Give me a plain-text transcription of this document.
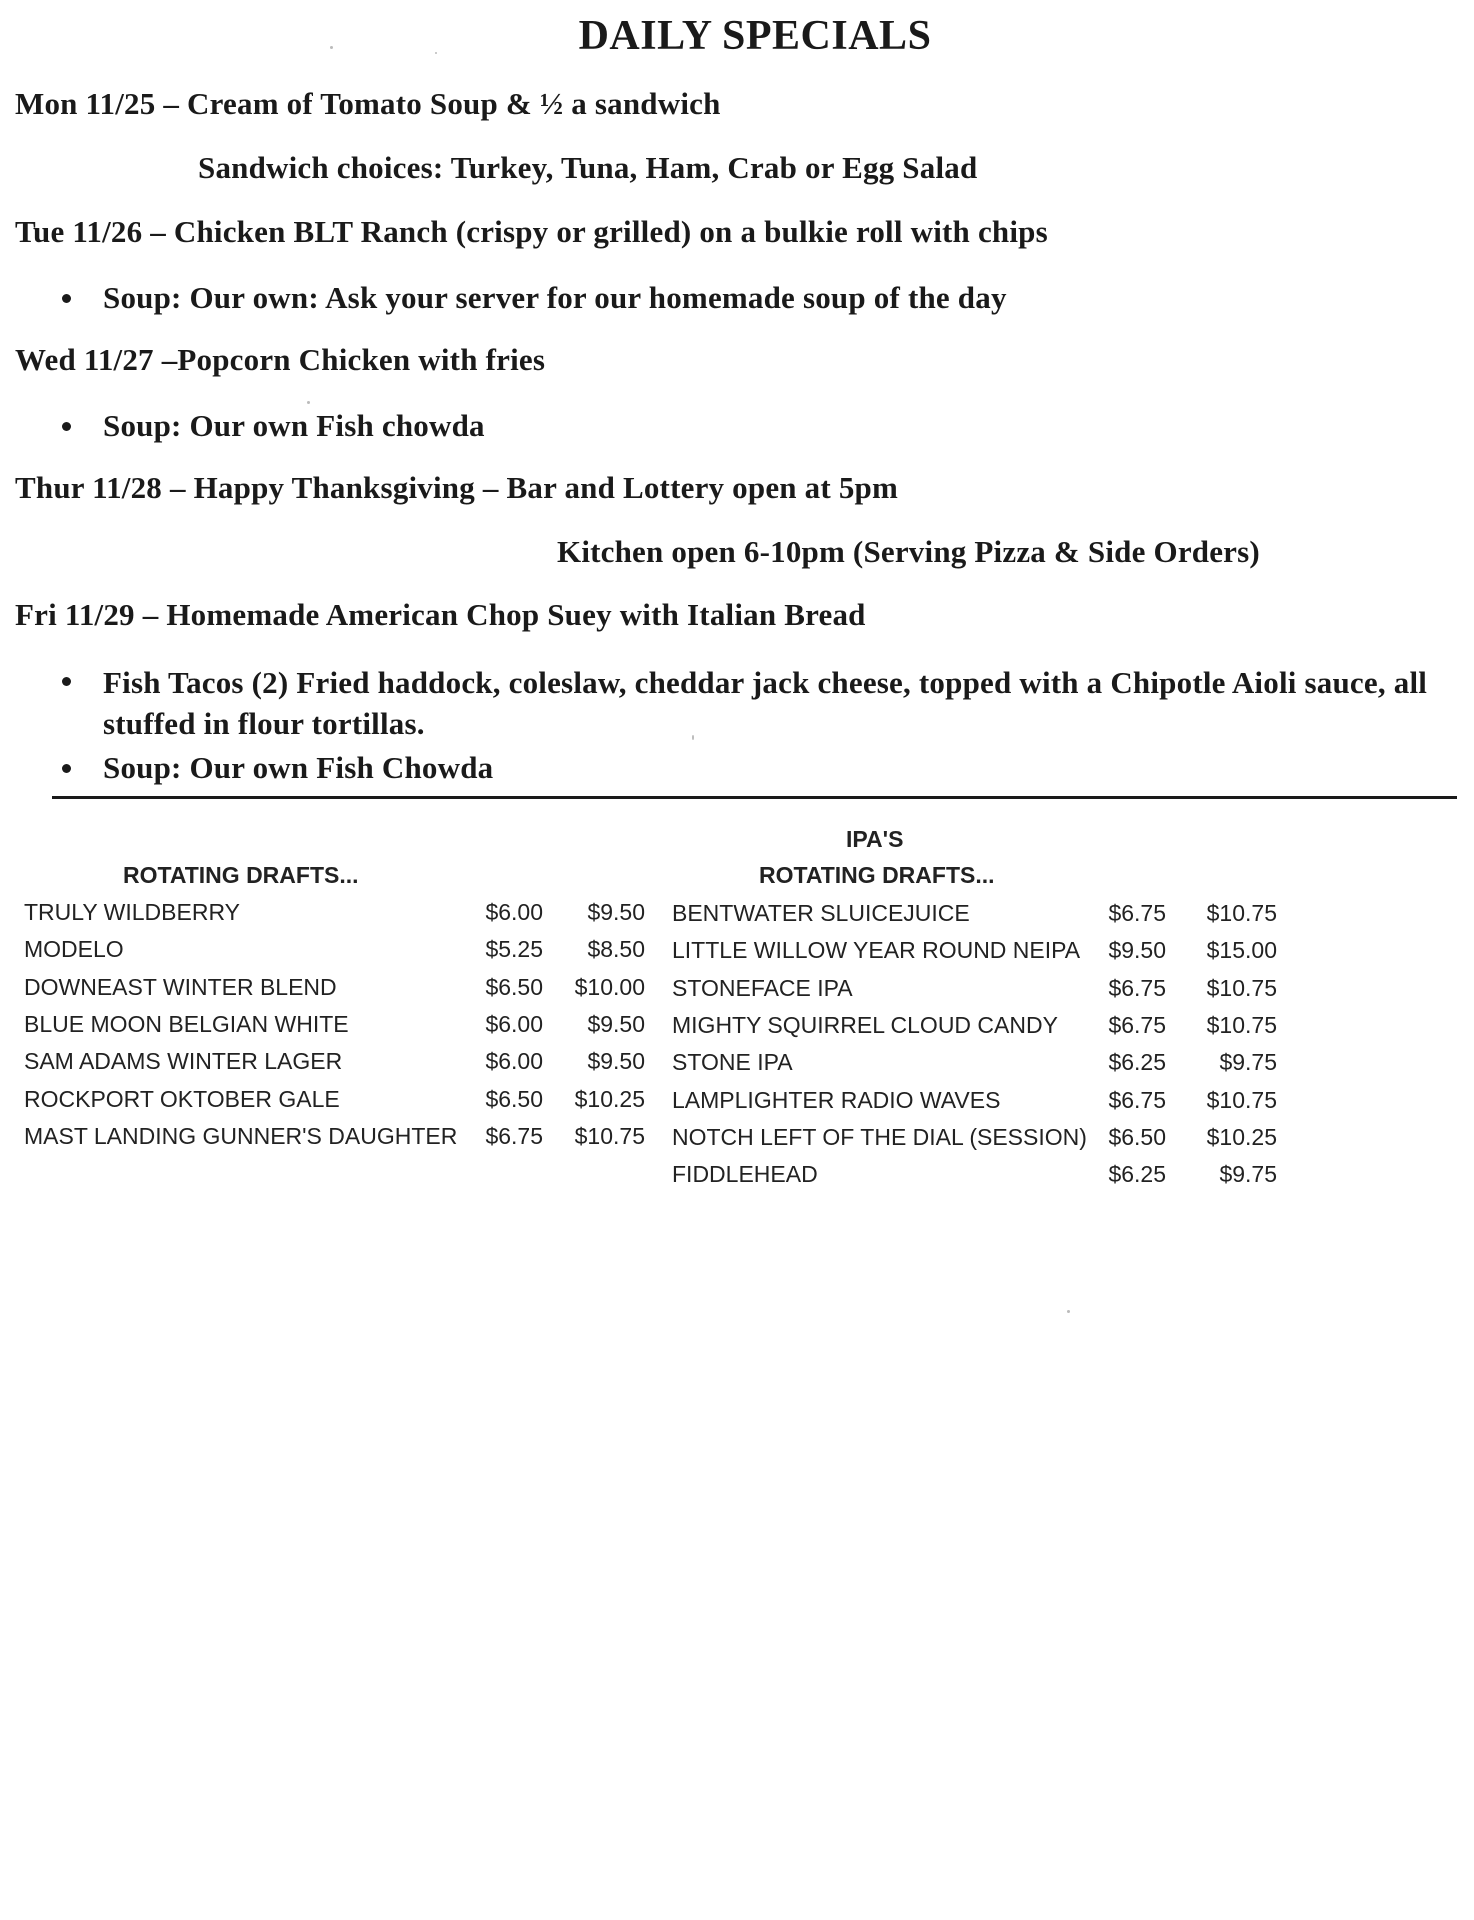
DAILY SPECIALS
Mon 11/25 – Cream of Tomato Soup & ½ a sandwich
Sandwich choices: Turkey, Tuna, Ham, Crab or Egg Salad
Tue 11/26 – Chicken BLT Ranch (crispy or grilled) on a bulkie roll with chips
Soup: Our own: Ask your server for our homemade soup of the day
Wed 11/27 –Popcorn Chicken with fries
Soup: Our own Fish chowda
Thur 11/28 – Happy Thanksgiving – Bar and Lottery open at 5pm
Kitchen open 6-10pm (Serving Pizza & Side Orders)
Fri 11/29 – Homemade American Chop Suey with Italian Bread
Fish Tacos (2) Fried haddock, coleslaw, cheddar jack cheese, topped with a Chipotle Aioli sauce, all stuffed in flour tortillas.
Soup: Our own Fish Chowda
ROTATING DRAFTS...
TRULY WILDBERRY	$6.00	$9.50
MODELO	$5.25	$8.50
DOWNEAST WINTER BLEND	$6.50	$10.00
BLUE MOON BELGIAN WHITE	$6.00	$9.50
SAM ADAMS WINTER LAGER	$6.00	$9.50
ROCKPORT OKTOBER GALE	$6.50	$10.25
MAST LANDING GUNNER'S DAUGHTER	$6.75	$10.75
IPA'S
ROTATING DRAFTS...
BENTWATER SLUICEJUICE	$6.75	$10.75
LITTLE WILLOW YEAR ROUND NEIPA	$9.50	$15.00
STONEFACE IPA	$6.75	$10.75
MIGHTY SQUIRREL CLOUD CANDY	$6.75	$10.75
STONE IPA	$6.25	$9.75
LAMPLIGHTER RADIO WAVES	$6.75	$10.75
NOTCH LEFT OF THE DIAL (SESSION) $6.50	$10.25
FIDDLEHEAD	$6.25	$9.75
